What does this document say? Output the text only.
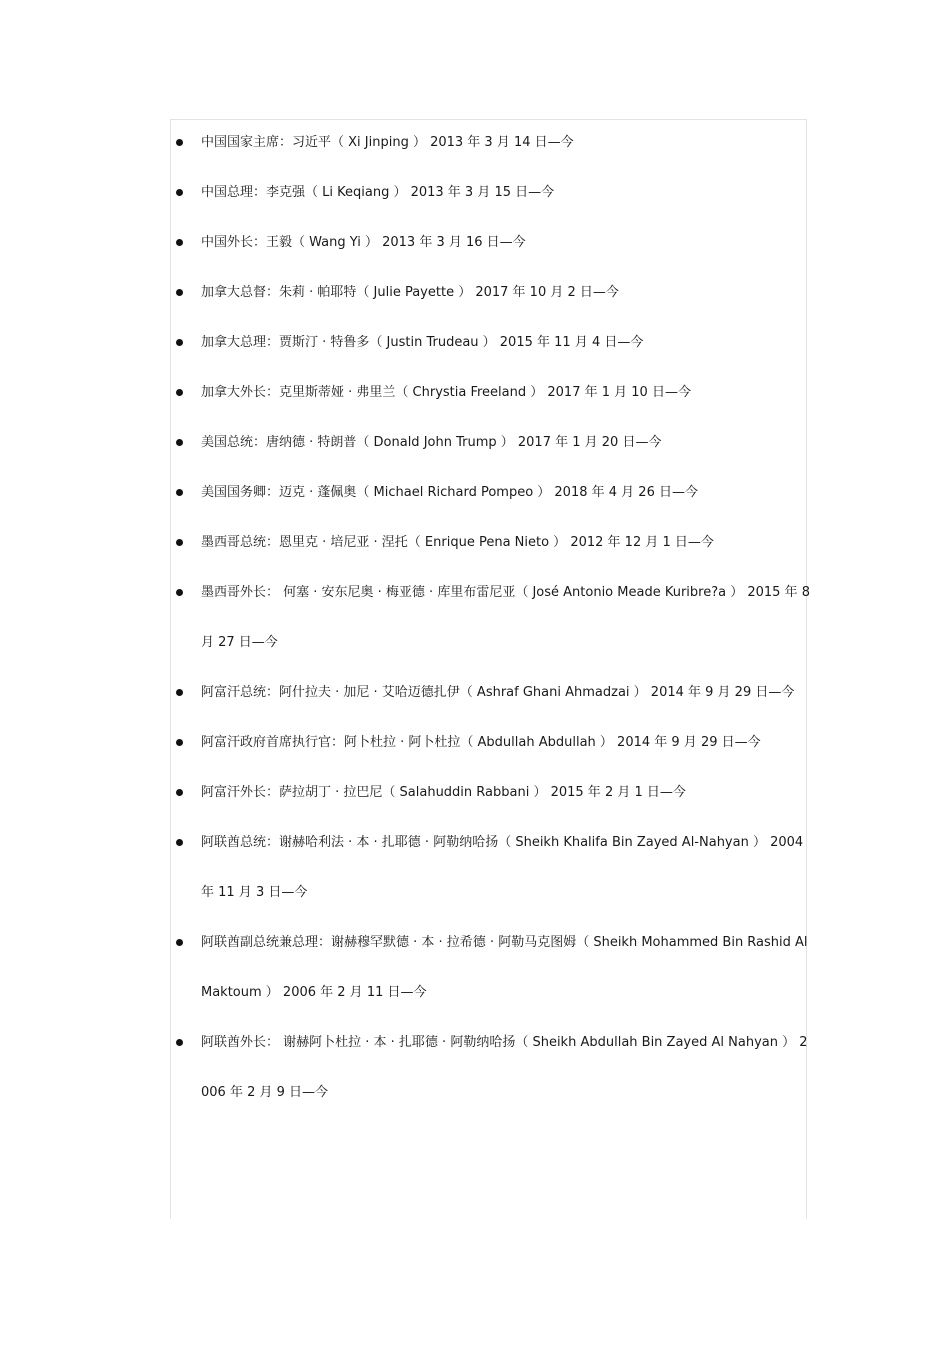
中国国家主席：习近平（ Xi Jinping ） 2013 年 3 月 14 日—今
中国总理：李克强（ Li Keqiang ） 2013 年 3 月 15 日—今
中国外长：王毅（ Wang Yi ） 2013 年 3 月 16 日—今
加拿大总督：朱莉 · 帕耶特（ Julie Payette ） 2017 年 10 月 2 日—今
加拿大总理：贾斯汀 · 特鲁多（ Justin Trudeau ） 2015 年 11 月 4 日—今
加拿大外长：克里斯蒂娅 · 弗里兰（ Chrystia Freeland ） 2017 年 1 月 10 日—今
美国总统：唐纳德 · 特朗普（ Donald John Trump ） 2017 年 1 月 20 日—今
美国国务卿：迈克 · 蓬佩奥（ Michael Richard Pompeo ） 2018 年 4 月 26 日—今
墨西哥总统：恩里克 · 培尼亚 · 涅托（ Enrique Pena Nieto ） 2012 年 12 月 1 日—今
墨西哥外长： 何塞 · 安东尼奥 · 梅亚德 · 库里布雷尼亚（ José Antonio Meade Kuribre?a ） 2015 年 8 月 27 日—今
阿富汗总统：阿什拉夫 · 加尼 · 艾哈迈德扎伊（ Ashraf Ghani Ahmadzai ） 2014 年 9 月 29 日—今
阿富汗政府首席执行官：阿卜杜拉 · 阿卜杜拉（ Abdullah Abdullah ） 2014 年 9 月 29 日—今
阿富汗外长：萨拉胡丁 · 拉巴尼（ Salahuddin Rabbani ） 2015 年 2 月 1 日—今
阿联酋总统：谢赫哈利法 · 本 · 扎耶德 · 阿勒纳哈扬（ Sheikh Khalifa Bin Zayed Al-Nahyan ） 2004 年 11 月 3 日—今
阿联酋副总统兼总理：谢赫穆罕默德 · 本 · 拉希德 · 阿勒马克图姆（ Sheikh Mohammed Bin Rashid Al Maktoum ） 2006 年 2 月 11 日—今
阿联酋外长： 谢赫阿卜杜拉 · 本 · 扎耶德 · 阿勒纳哈扬（ Sheikh Abdullah Bin Zayed Al Nahyan ） 2006 年 2 月 9 日—今
